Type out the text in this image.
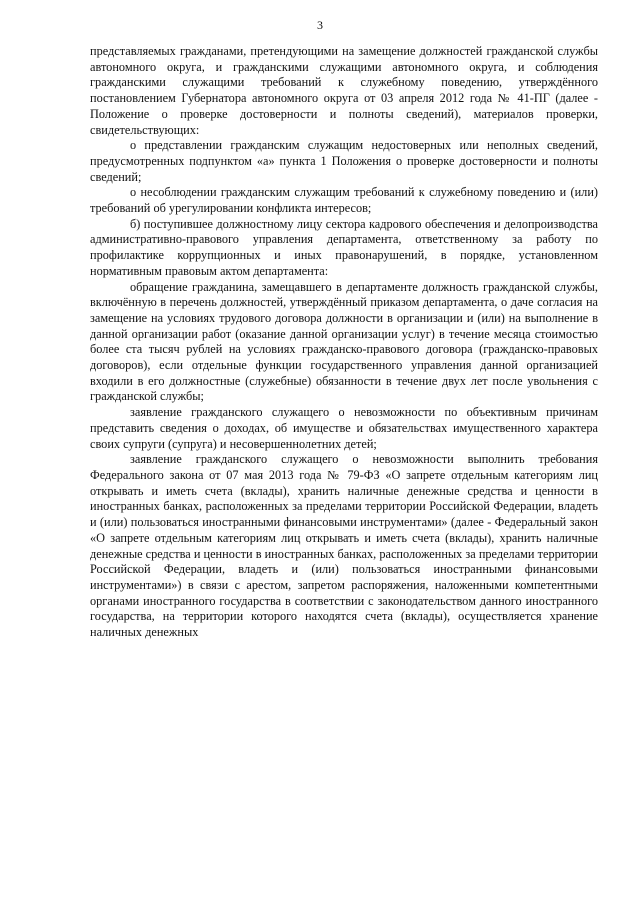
3

представляемых гражданами, претендующими на замещение должностей гражданской службы автономного округа, и гражданскими служащими автономного округа, и соблюдения гражданскими служащими требований к служебному поведению, утверждённого постановлением Губернатора автономного округа от 03 апреля 2012 года № 41-ПГ (далее - Положение о проверке достоверности и полноты сведений), материалов проверки, свидетельствующих:

о представлении гражданским служащим недостоверных или неполных сведений, предусмотренных подпунктом «а» пункта 1 Положения о проверке достоверности и полноты сведений;

о несоблюдении гражданским служащим требований к служебному поведению и (или) требований об урегулировании конфликта интересов;

б) поступившее должностному лицу сектора кадрового обеспечения и делопроизводства административно-правового управления департамента, ответственному за работу по профилактике коррупционных и иных правонарушений, в порядке, установленном нормативным правовым актом департамента:

обращение гражданина, замещавшего в департаменте должность гражданской службы, включённую в перечень должностей, утверждённый приказом департамента, о даче согласия на замещение на условиях трудового договора должности в организации и (или) на выполнение в данной организации работ (оказание данной организации услуг) в течение месяца стоимостью более ста тысяч рублей на условиях гражданско-правового договора (гражданско-правовых договоров), если отдельные функции государственного управления данной организацией входили в его должностные (служебные) обязанности в течение двух лет после увольнения с гражданской службы;

заявление гражданского служащего о невозможности по объективным причинам представить сведения о доходах, об имуществе и обязательствах имущественного характера своих супруги (супруга) и несовершеннолетних детей;

заявление гражданского служащего о невозможности выполнить требования Федерального закона от 07 мая 2013 года № 79-ФЗ «О запрете отдельным категориям лиц открывать и иметь счета (вклады), хранить наличные денежные средства и ценности в иностранных банках, расположенных за пределами территории Российской Федерации, владеть и (или) пользоваться иностранными финансовыми инструментами» (далее - Федеральный закон «О запрете отдельным категориям лиц открывать и иметь счета (вклады), хранить наличные денежные средства и ценности в иностранных банках, расположенных за пределами территории Российской Федерации, владеть и (или) пользоваться иностранными финансовыми инструментами») в связи с арестом, запретом распоряжения, наложенными компетентными органами иностранного государства в соответствии с законодательством данного иностранного государства, на территории которого находятся счета (вклады), осуществляется хранение наличных денежных
